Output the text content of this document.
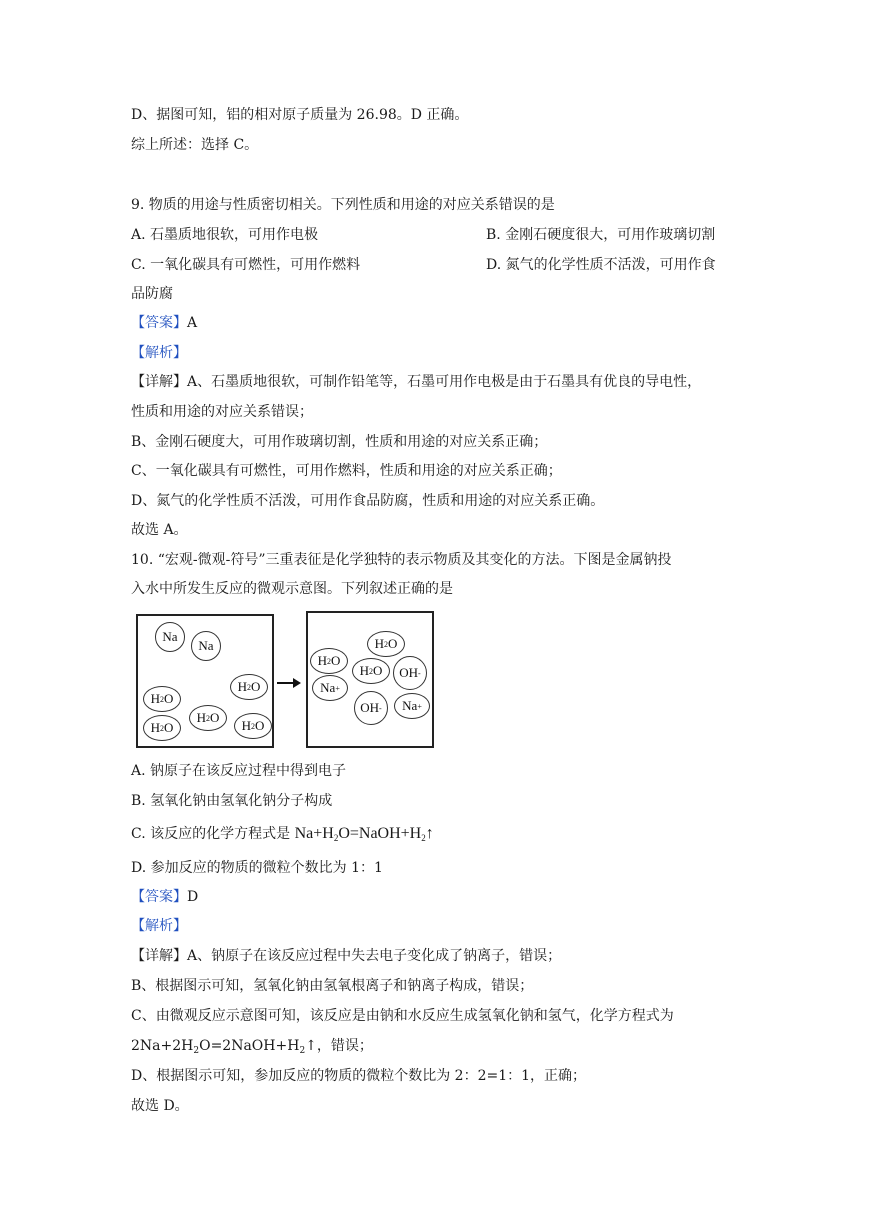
D、据图可知，铝的相对原子质量为 26.98。D 正确。
综上所述：选择 C。
9. 物质的用途与性质密切相关。下列性质和用途的对应关系错误的是
A. 石墨质地很软，可用作电极	B. 金刚石硬度很大，可用作玻璃切割
C. 一氧化碳具有可燃性，可用作燃料	D. 氮气的化学性质不活泼，可用作食
品防腐
【答案】A
【解析】
【详解】A、石墨质地很软，可制作铅笔等，石墨可用作电极是由于石墨具有优良的导电性，
性质和用途的对应关系错误；
B、金刚石硬度大，可用作玻璃切割，性质和用途的对应关系正确；
C、一氧化碳具有可燃性，可用作燃料，性质和用途的对应关系正确；
D、氮气的化学性质不活泼，可用作食品防腐，性质和用途的对应关系正确。
故选 A。
10. “宏观-微观-符号”三重表征是化学独特的表示物质及其变化的方法。下图是金属钠投
入水中所发生反应的微观示意图。下列叙述正确的是
Na
Na
H 2 O
H 2 O
H 2 O
H 2 O	H 2 O
H 2 O
H 2 O
H 2 O OH -
Na +
OH - Na +
A. 钠原子在该反应过程中得到电子
B. 氢氧化钠由氢氧化钠分子构成
C. 该反应的化学方程式是 $Na+H_2O=NaOH+H_2↑$
D. 参加反应的物质的微粒个数比为 1：1
【答案】D
【解析】
【详解】A、钠原子在该反应过程中失去电子变化成了钠离子，错误；
B、根据图示可知，氢氧化钠由氢氧根离子和钠离子构成，错误；
C、由微观反应示意图可知，该反应是由钠和水反应生成氢氧化钠和氢气，化学方程式为
$2Na+2H_2O=2NaOH+H_2↑$，错误；
D、根据图示可知，参加反应的物质的微粒个数比为 2：2=1：1，正确；
故选 D。
